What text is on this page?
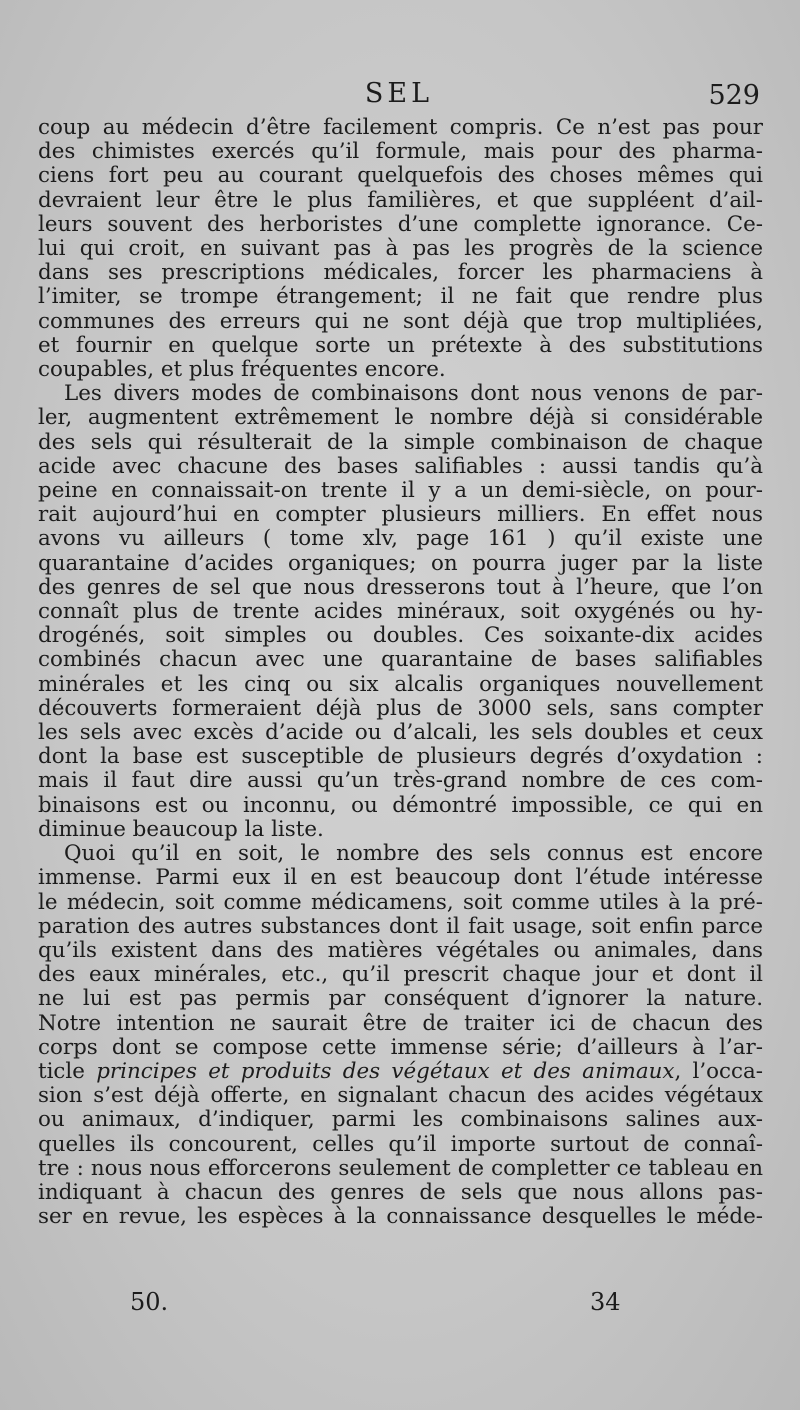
SEL	529

coup au médecin d’être facilement compris. Ce n’est pas pour
des chimistes exercés qu’il formule, mais pour des pharma-
ciens fort peu au courant quelquefois des choses mêmes qui
devraient leur être le plus familières, et que suppléent d’ail-
leurs souvent des herboristes d’une complette ignorance. Ce-
lui qui croit, en suivant pas à pas les progrès de la science
dans ses prescriptions médicales, forcer les pharmaciens à
l’imiter, se trompe étrangement; il ne fait que rendre plus
communes des erreurs qui ne sont déjà que trop multipliées,
et fournir en quelque sorte un prétexte à des substitutions
coupables, et plus fréquentes encore.

Les divers modes de combinaisons dont nous venons de par-
ler, augmentent extrêmement le nombre déjà si considérable
des sels qui résulterait de la simple combinaison de chaque
acide avec chacune des bases salifiables : aussi tandis qu’à
peine en connaissait-on trente il y a un demi-siècle, on pour-
rait aujourd’hui en compter plusieurs milliers. En effet nous
avons vu ailleurs ( tome xlv, page 161 ) qu’il existe une
quarantaine d’acides organiques; on pourra juger par la liste
des genres de sel que nous dresserons tout à l’heure, que l’on
connaît plus de trente acides minéraux, soit oxygénés ou hy-
drogénés, soit simples ou doubles. Ces soixante-dix acides
combinés chacun avec une quarantaine de bases salifiables
minérales et les cinq ou six alcalis organiques nouvellement
découverts formeraient déjà plus de 3000 sels, sans compter
les sels avec excès d’acide ou d’alcali, les sels doubles et ceux
dont la base est susceptible de plusieurs degrés d’oxydation :
mais il faut dire aussi qu’un très-grand nombre de ces com-
binaisons est ou inconnu, ou démontré impossible, ce qui en
diminue beaucoup la liste.

Quoi qu’il en soit, le nombre des sels connus est encore
immense. Parmi eux il en est beaucoup dont l’étude intéresse
le médecin, soit comme médicamens, soit comme utiles à la pré-
paration des autres substances dont il fait usage, soit enfin parce
qu’ils existent dans des matières végétales ou animales, dans
des eaux minérales, etc., qu’il prescrit chaque jour et dont il
ne lui est pas permis par conséquent d’ignorer la nature.
Notre intention ne saurait être de traiter ici de chacun des
corps dont se compose cette immense série; d’ailleurs à l’ar-
ticle principes et produits des végétaux et des animaux, l’occa-
sion s’est déjà offerte, en signalant chacun des acides végétaux
ou animaux, d’indiquer, parmi les combinaisons salines aux-
quelles ils concourent, celles qu’il importe surtout de connaî-
tre : nous nous efforcerons seulement de completter ce tableau en
indiquant à chacun des genres de sels que nous allons pas-
ser en revue, les espèces à la connaissance desquelles le méde-

50.	34
